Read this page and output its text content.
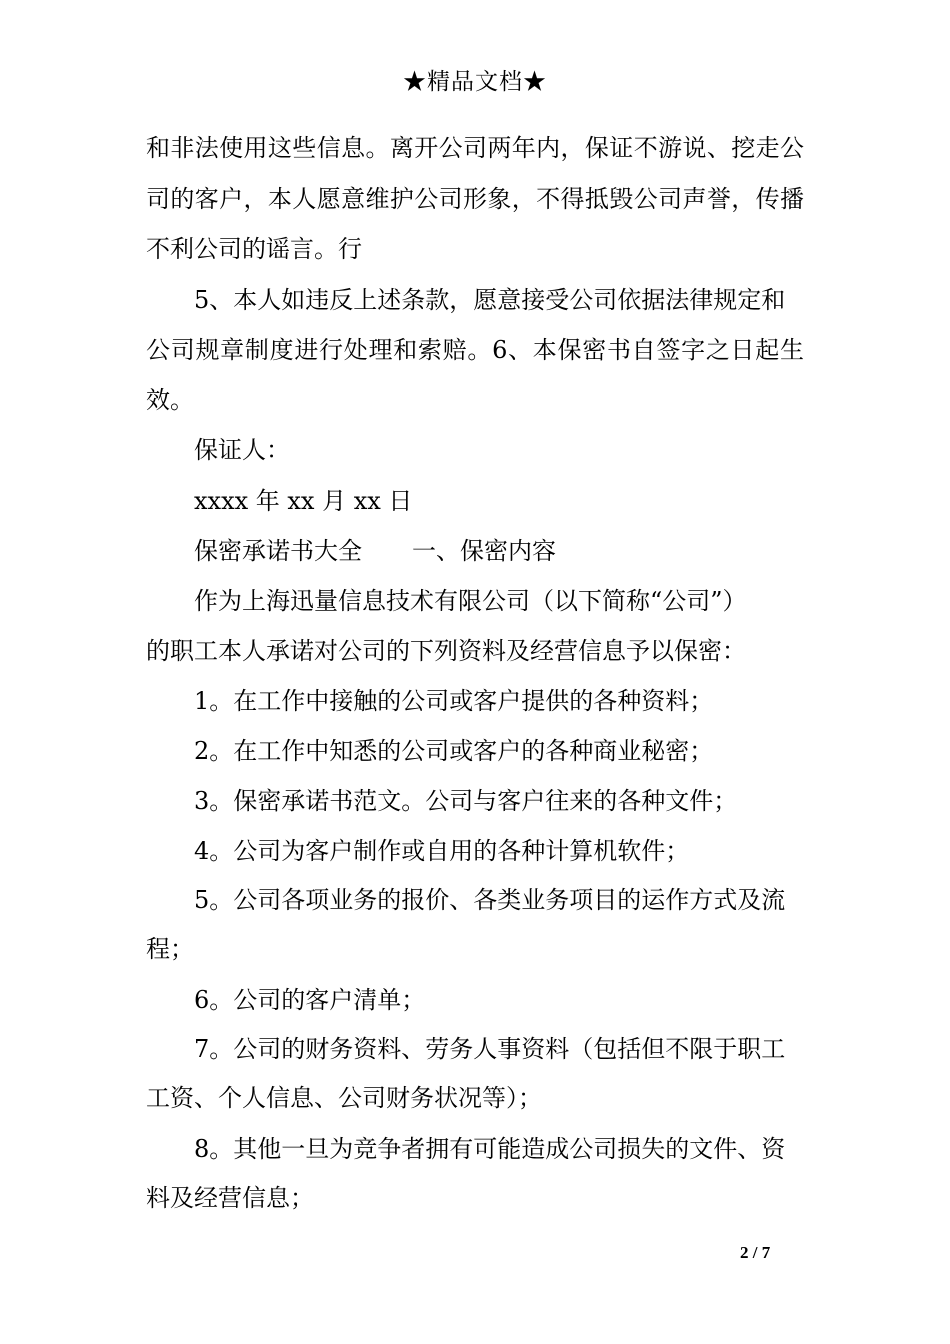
★精品文档★
和非法使用这些信息。离开公司两年内，保证不游说、挖走公
司的客户，本人愿意维护公司形象，不得抵毁公司声誉，传播
不利公司的谣言。行
5、本人如违反上述条款，愿意接受公司依据法律规定和
公司规章制度进行处理和索赔。6、本保密书自签字之日起生
效。
保证人：
xxxx 年 xx 月 xx 日
保密承诺书大全 一、保密内容
作为上海迅量信息技术有限公司（以下简称“公司”）
的职工本人承诺对公司的下列资料及经营信息予以保密：
1。在工作中接触的公司或客户提供的各种资料；
2。在工作中知悉的公司或客户的各种商业秘密；
3。保密承诺书范文。公司与客户往来的各种文件；
4。公司为客户制作或自用的各种计算机软件；
5。公司各项业务的报价、各类业务项目的运作方式及流
程；
6。公司的客户清单；
7。公司的财务资料、劳务人事资料（包括但不限于职工
工资、个人信息、公司财务状况等）；
8。其他一旦为竞争者拥有可能造成公司损失的文件、资
料及经营信息；
2 / 7
